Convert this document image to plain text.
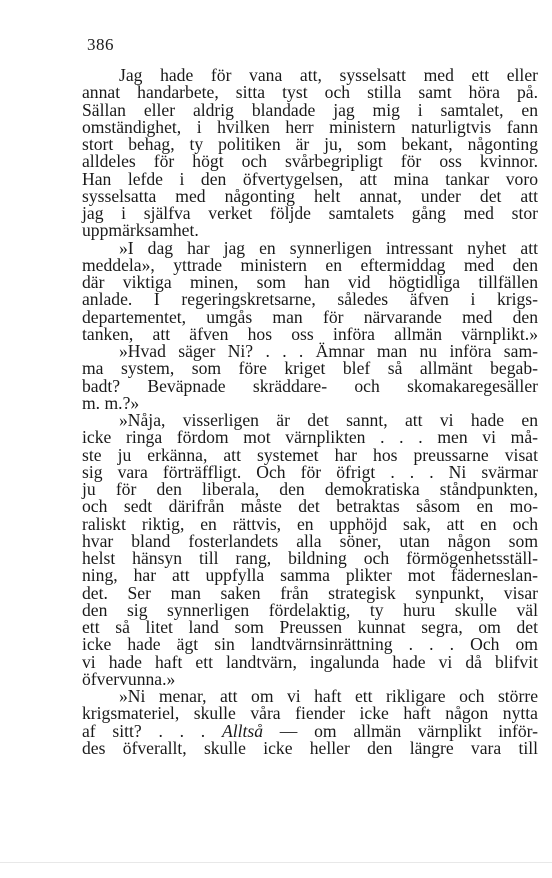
386
Jag hade för vana att, sysselsatt med ett eller
annat handarbete, sitta tyst och stilla samt höra på.
Sällan eller aldrig blandade jag mig i samtalet, en
omständighet, i hvilken herr ministern naturligtvis fann
stort behag, ty politiken är ju, som bekant, någonting
alldeles för högt och svårbegripligt för oss kvinnor.
Han lefde i den öfvertygelsen, att mina tankar voro
sysselsatta med någonting helt annat, under det att
jag i själfva verket följde samtalets gång med stor
uppmärksamhet.
»I dag har jag en synnerligen intressant nyhet att
meddela», yttrade ministern en eftermiddag med den
där viktiga minen, som han vid högtidliga tillfällen
anlade. I regeringskretsarne, således äfven i krigs-
departementet, umgås man för närvarande med den
tanken, att äfven hos oss införa allmän värnplikt.»
»Hvad säger Ni? . . . Ämnar man nu införa sam-
ma system, som före kriget blef så allmänt begab-
badt? Beväpnade skräddare- och skomakaregesäller
m. m.?»
»Nåja, visserligen är det sannt, att vi hade en
icke ringa fördom mot värnplikten . . . men vi må-
ste ju erkänna, att systemet har hos preussarne visat
sig vara förträffligt. Och för öfrigt . . . Ni svärmar
ju för den liberala, den demokratiska ståndpunkten,
och sedt därifrån måste det betraktas såsom en mo-
raliskt riktig, en rättvis, en upphöjd sak, att en och
hvar bland fosterlandets alla söner, utan någon som
helst hänsyn till rang, bildning och förmögenhetsställ-
ning, har att uppfylla samma plikter mot fäderneslan-
det. Ser man saken från strategisk synpunkt, visar
den sig synnerligen fördelaktig, ty huru skulle väl
ett så litet land som Preussen kunnat segra, om det
icke hade ägt sin landtvärnsinrättning . . . Och om
vi hade haft ett landtvärn, ingalunda hade vi då blifvit
öfvervunna.»
»Ni menar, att om vi haft ett rikligare och större
krigsmateriel, skulle våra fiender icke haft någon nytta
af sitt? . . . Alltså — om allmän värnplikt inför-
des öfverallt, skulle icke heller den längre vara till
